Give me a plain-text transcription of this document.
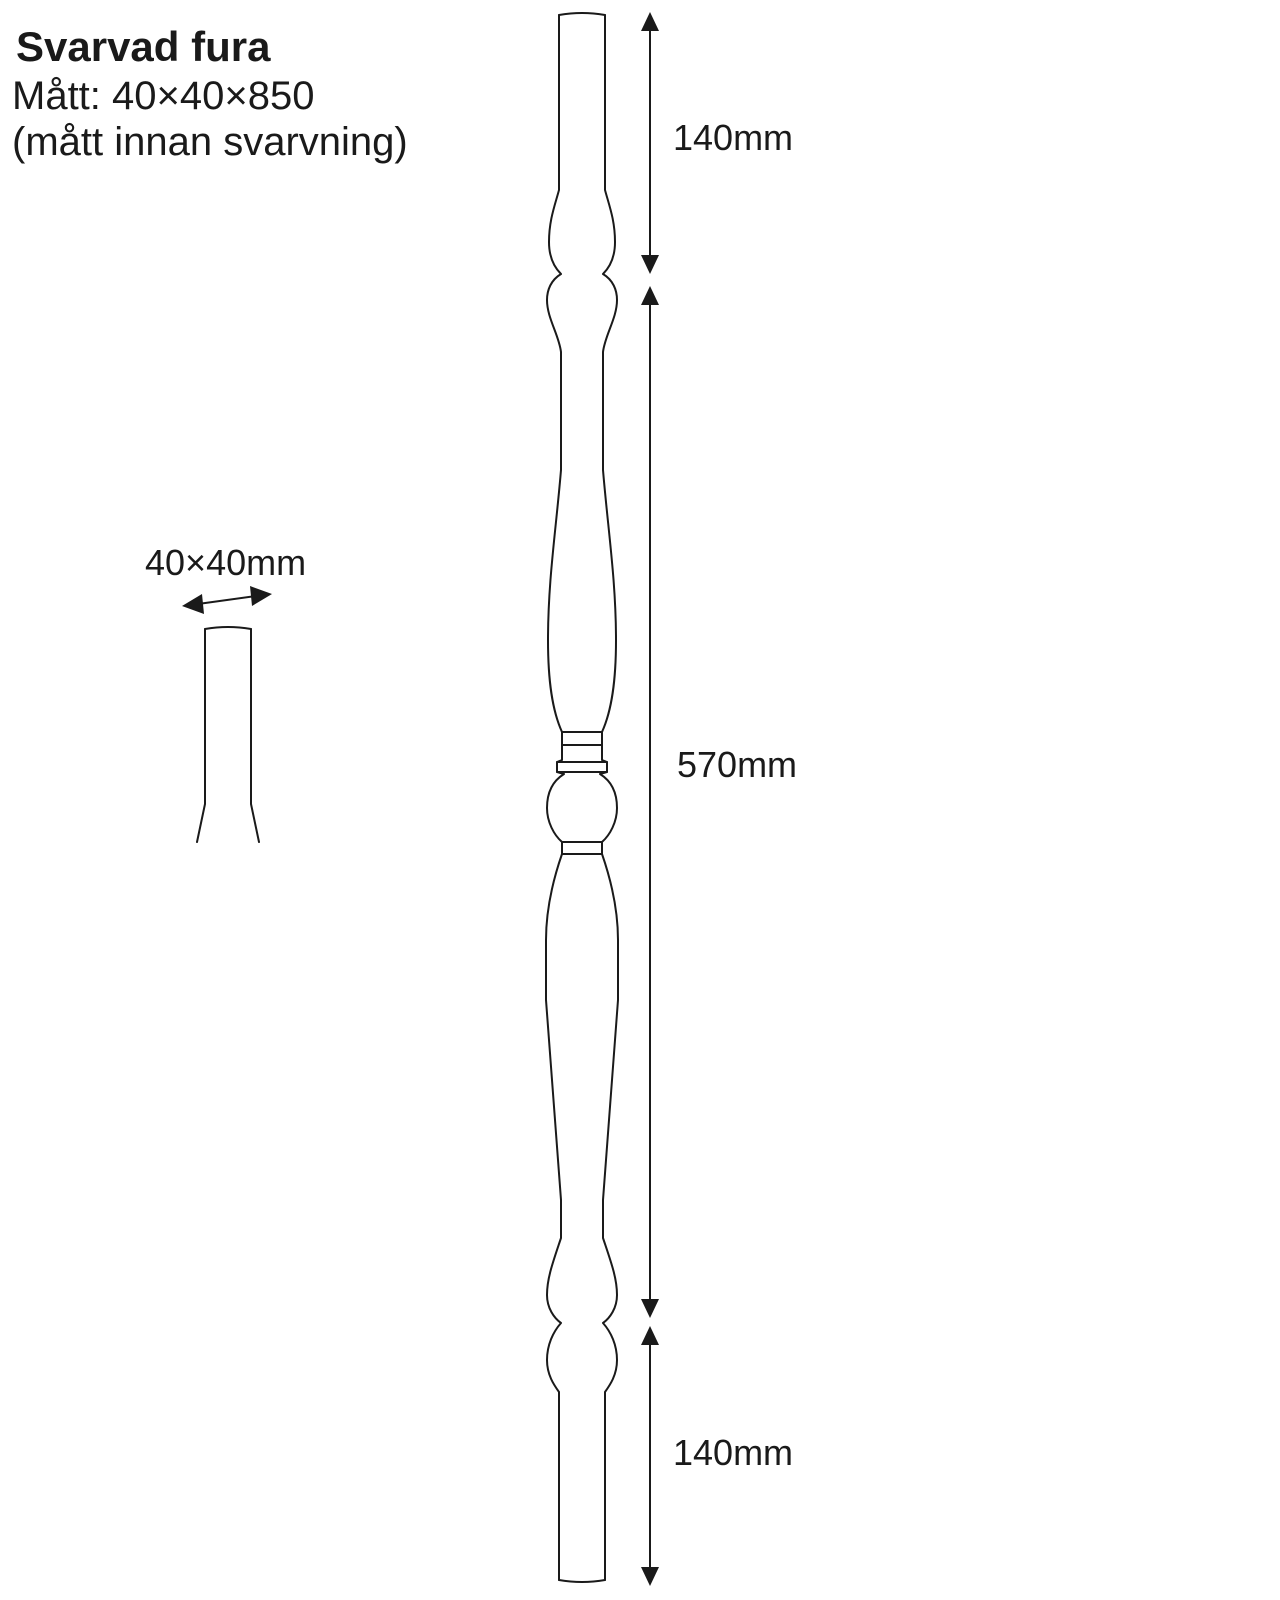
Svarvad fura
Mått: 40×40×850
(mått innan svarvning)	140mm
570mm
140mm
40×40mm
